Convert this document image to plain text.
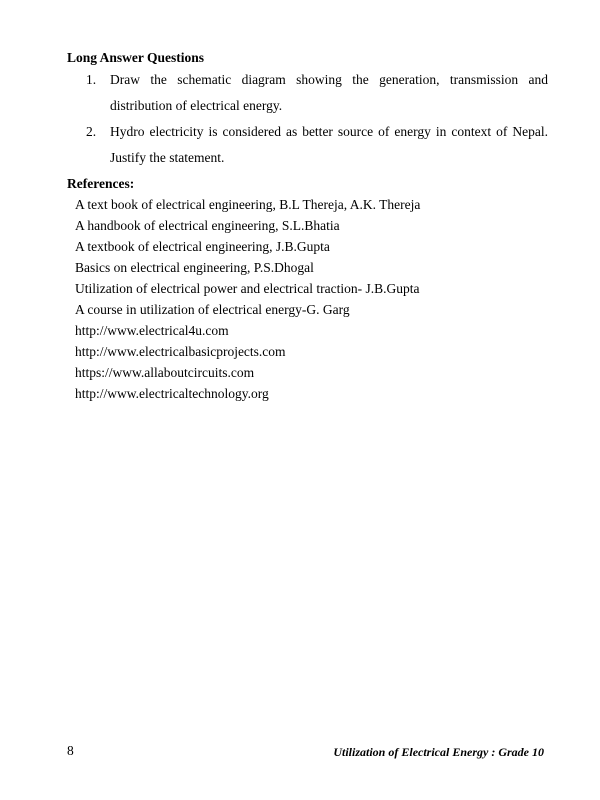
Long Answer Questions
1. Draw the schematic diagram showing the generation, transmission and distribution of electrical energy.
2. Hydro electricity is considered as better source of energy in context of Nepal. Justify the statement.
References:
A text book of electrical engineering, B.L Thereja, A.K. Thereja
A handbook of electrical engineering, S.L.Bhatia
A textbook of electrical engineering, J.B.Gupta
Basics on electrical engineering, P.S.Dhogal
Utilization of electrical power and electrical traction- J.B.Gupta
A course in utilization of electrical energy-G. Garg
http://www.electrical4u.com
http://www.electricalbasicprojects.com
https://www.allaboutcircuits.com
http://www.electricaltechnology.org
8	Utilization of Electrical Energy : Grade 10
